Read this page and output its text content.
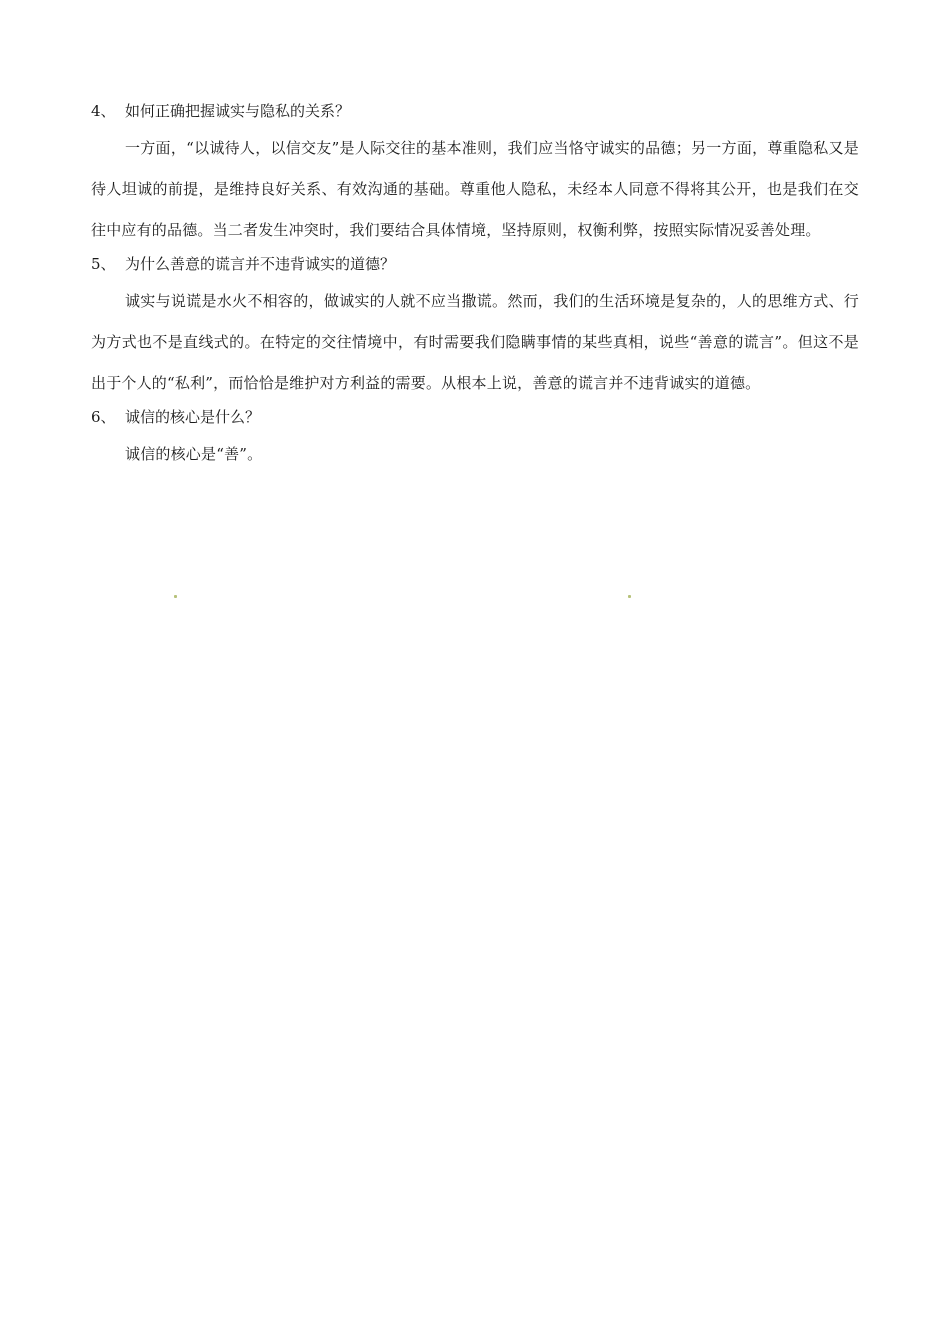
4、 如何正确把握诚实与隐私的关系？

一方面，“以诚待人，以信交友”是人际交往的基本准则，我们应当恪守诚实的品德；另一方面，尊重隐私又是待人坦诚的前提，是维持良好关系、有效沟通的基础。尊重他人隐私，未经本人同意不得将其公开，也是我们在交往中应有的品德。当二者发生冲突时，我们要结合具体情境，坚持原则，权衡利弊，按照实际情况妥善处理。

5、 为什么善意的谎言并不违背诚实的道德？

诚实与说谎是水火不相容的，做诚实的人就不应当撒谎。然而，我们的生活环境是复杂的，人的思维方式、行为方式也不是直线式的。在特定的交往情境中，有时需要我们隐瞒事情的某些真相，说些“善意的谎言”。但这不是出于个人的“私利”，而恰恰是维护对方利益的需要。从根本上说，善意的谎言并不违背诚实的道德。

6、 诚信的核心是什么？

诚信的核心是“善”。
